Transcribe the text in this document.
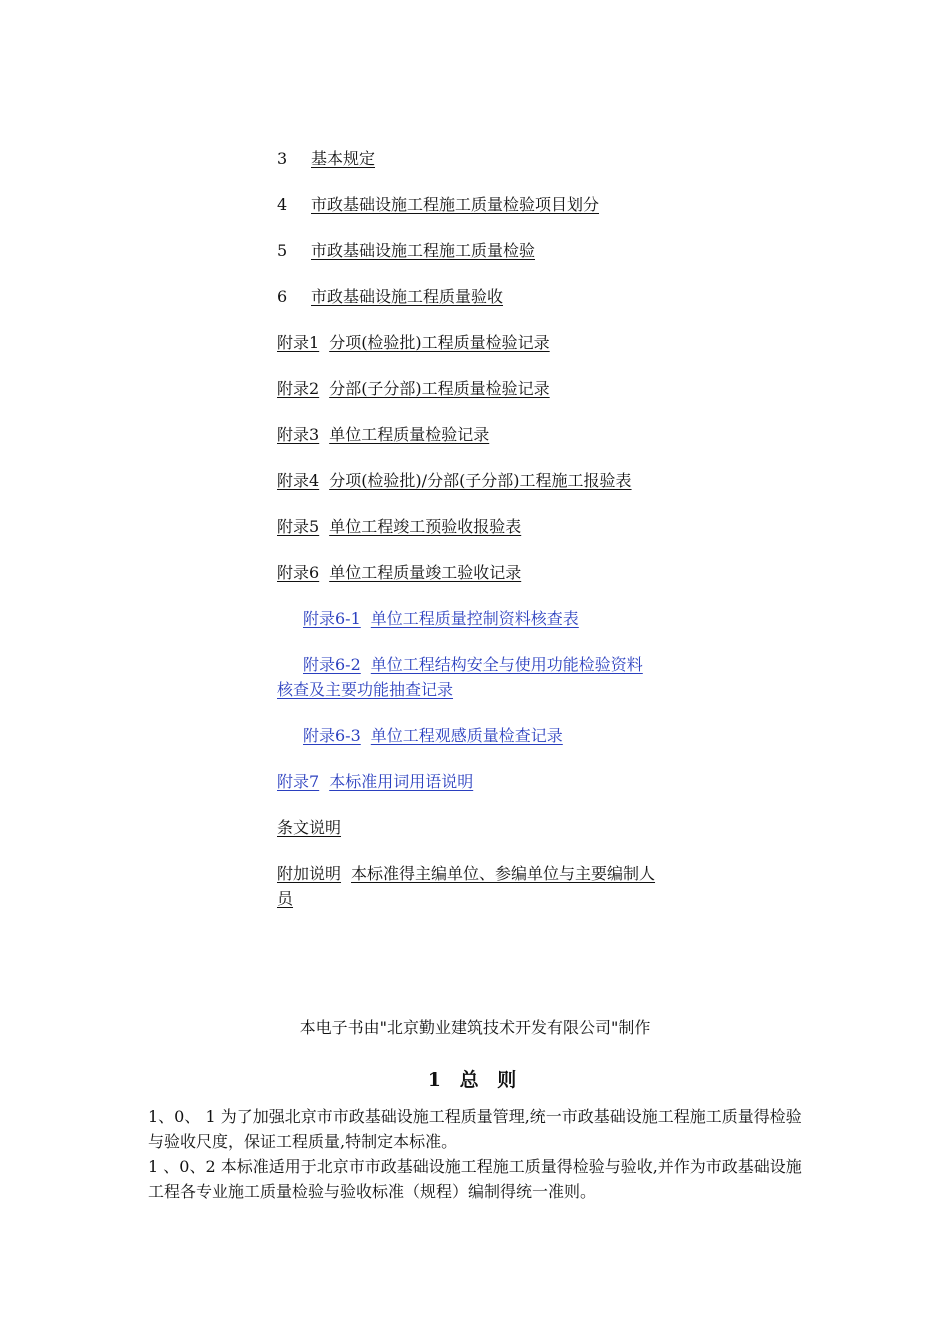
3 基本规定
4 市政基础设施工程施工质量检验项目划分
5 市政基础设施工程施工质量检验
6 市政基础设施工程质量验收
附录1 分项(检验批)工程质量检验记录
附录2 分部(子分部)工程质量检验记录
附录3 单位工程质量检验记录
附录4 分项(检验批)/分部(子分部)工程施工报验表
附录5 单位工程竣工预验收报验表
附录6 单位工程质量竣工验收记录
附录6-1 单位工程质量控制资料核查表
附录6-2 单位工程结构安全与使用功能检验资料核查及主要功能抽查记录
附录6-3 单位工程观感质量检查记录
附录7 本标准用词用语说明
条文说明
附加说明 本标准得主编单位、参编单位与主要编制人员
本电子书由"北京勤业建筑技术开发有限公司"制作
1 总 则

1、0、 1 为了加强北京市市政基础设施工程质量管理,统一市政基础设施工程施工质量得检验与验收尺度，保证工程质量,特制定本标准。

1 、0、2 本标准适用于北京市市政基础设施工程施工质量得检验与验收,并作为市政基础设施工程各专业施工质量检验与验收标准（规程）编制得统一准则。
